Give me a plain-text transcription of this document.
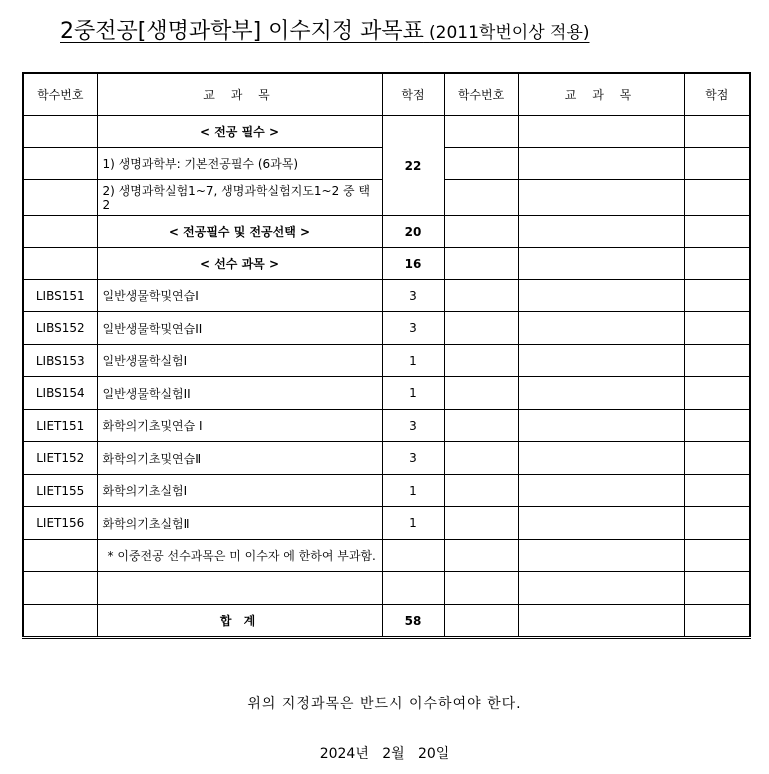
2중전공[생명과학부] 이수지정 과목표 (2011학번이상 적용)
학수번호	교 과 목	학점	학수번호	교 과 목	학점
	< 전공 필수 >	22			
	1) 생명과학부: 기본전공필수 (6과목)				
	2) 생명과학실험1~7, 생명과학실험지도1~2 중 택2				
	< 전공필수 및 전공선택 >	20			
	< 선수 과목 >	16			
LIBS151	일반생물학및연습I	3			
LIBS152	일반생물학및연습II	3			
LIBS153	일반생물학실험I	1			
LIBS154	일반생물학실험II	1			
LIET151	화학의기초및연습 I	3			
LIET152	화학의기초및연습Ⅱ	3			
LIET155	화학의기초실험I	1			
LIET156	화학의기초실험Ⅱ	1			
	* 이중전공 선수과목은 미 이수자 에 한하여 부과함.				

	합 계	58			
위의 지정과목은 반드시 이수하여야 한다.
2024년   2월   20일
